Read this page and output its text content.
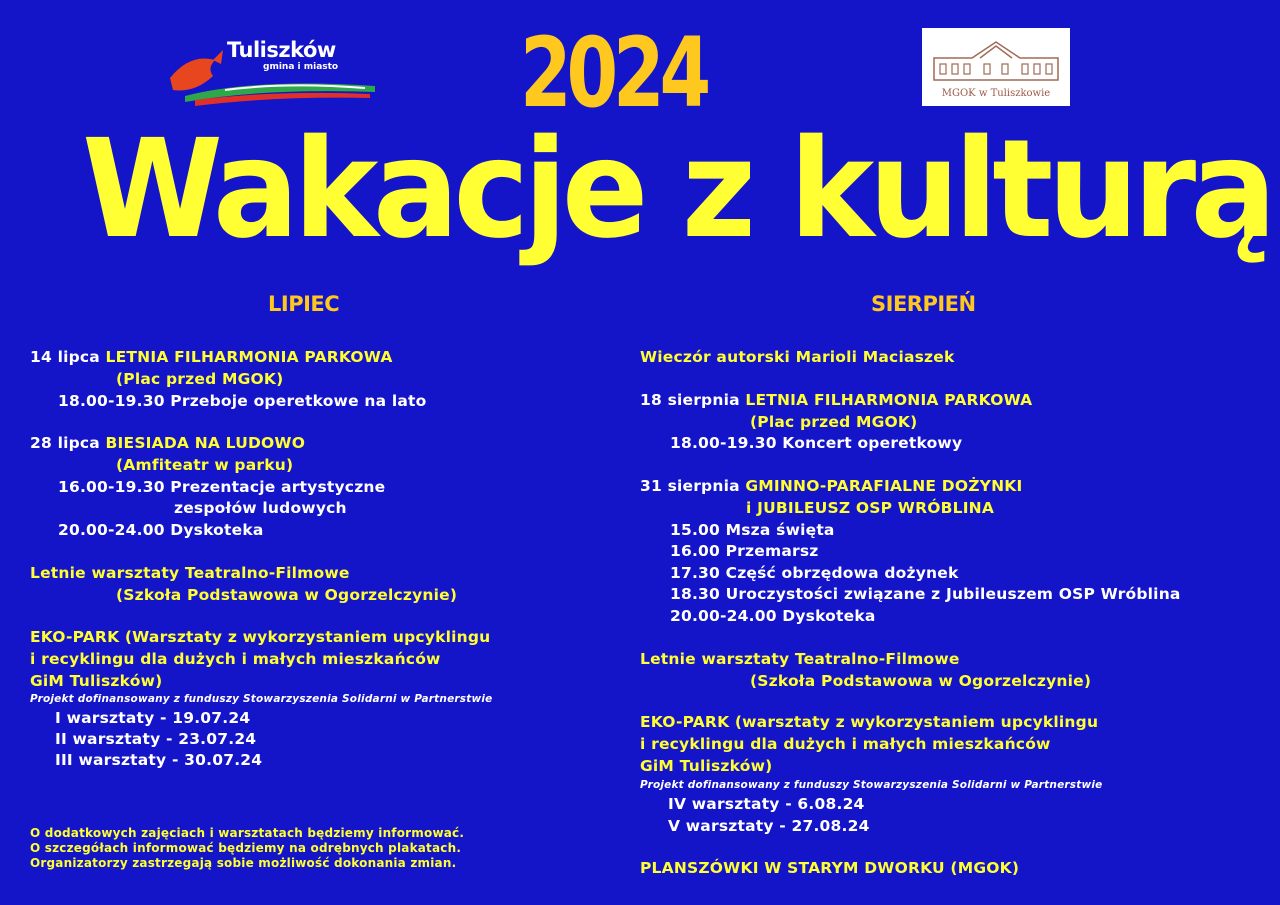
Tuliszków
gmina i miasto
MGOK w Tuliszkowie
2024
Wakacje z kulturą
LIPIEC	SIERPIEŃ
14 lipca LETNIA FILHARMONIA PARKOWA
(Plac przed MGOK)
18.00-19.30 Przeboje operetkowe na lato
28 lipca BIESIADA NA LUDOWO
(Amfiteatr w parku)
16.00-19.30 Prezentacje artystyczne
zespołów ludowych
20.00-24.00 Dyskoteka
Letnie warsztaty Teatralno-Filmowe
(Szkoła Podstawowa w Ogorzelczynie)
EKO-PARK (Warsztaty z wykorzystaniem upcyklingu
i recyklingu dla dużych i małych mieszkańców
GiM Tuliszków)
Projekt dofinansowany z funduszy Stowarzyszenia Solidarni w Partnerstwie
I warsztaty - 19.07.24
II warsztaty - 23.07.24
III warsztaty - 30.07.24
O dodatkowych zajęciach i warsztatach będziemy informować.
O szczegółach informować będziemy na odrębnych plakatach.
Organizatorzy zastrzegają sobie możliwość dokonania zmian.
Wieczór autorski Marioli Maciaszek
18 sierpnia LETNIA FILHARMONIA PARKOWA
(Plac przed MGOK)
18.00-19.30 Koncert operetkowy
31 sierpnia GMINNO-PARAFIALNE DOŻYNKI
i JUBILEUSZ OSP WRÓBLINA
15.00 Msza święta
16.00 Przemarsz
17.30 Część obrzędowa dożynek
18.30 Uroczystości związane z Jubileuszem OSP Wróblina
20.00-24.00 Dyskoteka
Letnie warsztaty Teatralno-Filmowe
(Szkoła Podstawowa w Ogorzelczynie)
EKO-PARK (warsztaty z wykorzystaniem upcyklingu
i recyklingu dla dużych i małych mieszkańców
GiM Tuliszków)
Projekt dofinansowany z funduszy Stowarzyszenia Solidarni w Partnerstwie
IV warsztaty - 6.08.24
V warsztaty - 27.08.24
PLANSZÓWKI W STARYM DWORKU (MGOK)
